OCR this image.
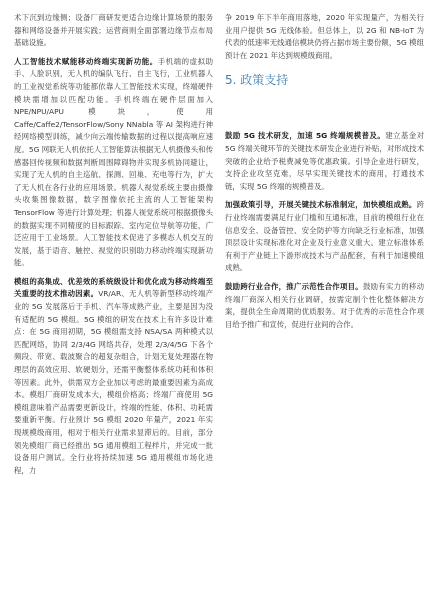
术下沉到边缘侧；设备厂商研发更适合边缘计算场景的服务器和网络设备并开展实践；运营商则全面部署边缘节点布局基础设施。

人工智能技术赋能移动终端实现新功能。手机端的虚拟助手、人脸识别，无人机的编队飞行、自主飞行，工业机器人的工业视觉系统等功能都依靠人工智能技术实现，终端硬件模块需增加以匹配功能。手机终端在硬件层面加入 NPE/NPU/APU 模块，使用 Caffe/Caffe2/TensorFlow/Sony NNabla 等 AI 架构进行神经网络模型训练，减少向云端传输数据的过程以提高响应速度。5G 网联无人机依托人工智能算法根据无人机摄像头和传感器回传视频和数据判断周围障碍物并实现多机协同避让，实现了无人机的自主巡航、探测、回巢、充电等行为，扩大了无人机在各行业的应用场景。机器人视觉系统主要由摄像头收集图像数据，数字图像依托主流的人工智能架构 TensorFlow 等进行计算处理；机器人视觉系统可根据摄像头的数据实现不同精度的目标跟踪、室内定位导航等功能，广泛应用于工业场景。人工智能技术促进了多模态人机交互的发展，基于语音、触控、视觉的识别助力移动终端实现新功能。

模组的高集成、优差效的系统级设计和优化成为移动终端至关重要的技术推动因素。VR/AR、无人机等新型移动终端产业的 5G 发展落后于手机、汽车等成熟产业，主要是因为没有适配的 5G 模组。5G 模组的研发在技术上有许多设计难点：在 5G 商用初期，5G 模组需支持 NSA/SA 两种模式以匹配网络，协同 2/3/4G 网络共存，处理 2/3/4/5G 下各个频段、带宽、载波聚合的超复杂组合，计划无复处理器在物理层的高效应用、软硬划分，还需平衡整体系统功耗和体积等因素。此外，供需双方企业加以考虑的最重要因素为高成本。模组厂商研发成本大，模组价格高；终端厂商使用 5G 模组意味着产品需要更新设计，终端的性能、体积、功耗需要重新平衡。行业预计 5G 模组 2020 年量产，2021 年实现规模级商用，相对于相关行业需求显滞后的。目前，部分领先模组厂商已经推出 5G 通用模组工程样片，并完成一批设备用户测试。全行业将持续加速 5G 通用模组市场化进程，力

争 2019 年下半年商用落地，2020 年实现量产，为相关行业用户提供 5G 无线体验。但总体上，以 2G 和 NB-IoT 为代表的低速率无线通信模块仍将占据市场主要份额，5G 模组预计在 2021 年达到规模级商用。

5. 政策支持

鼓励 5G 技术研发，加速 5G 终端规模普及。建立基金对 5G 终端关键环节的关键技术研发企业进行补贴，对形成技术突破的企业给予税费减免等优惠政策。引导企业进行研发，支持企业攻坚克难，尽早实现关键技术的商用，打通技术链，实现 5G 终端的规模普及。

加强政策引导，开展关键技术标准制定，加快模组成熟。跨行业终端需要满足行业门槛和互通标准，目前的模组行业在信息安全、设备管控、安全防护等方向缺乏行业标准，加强顶层设计实现标准化对企业及行业意义重大。建立标准体系有利于产业链上下游形成技术与产品配套，有利于加速模组成熟。

鼓励跨行业合作，推广示范性合作项目。鼓励有实力的移动终端厂商深入相关行业调研，按需定制个性化整体解决方案，提供全生命周期的优质服务。对于优秀的示范性合作项目给予推广和宣传，促进行业间的合作。
